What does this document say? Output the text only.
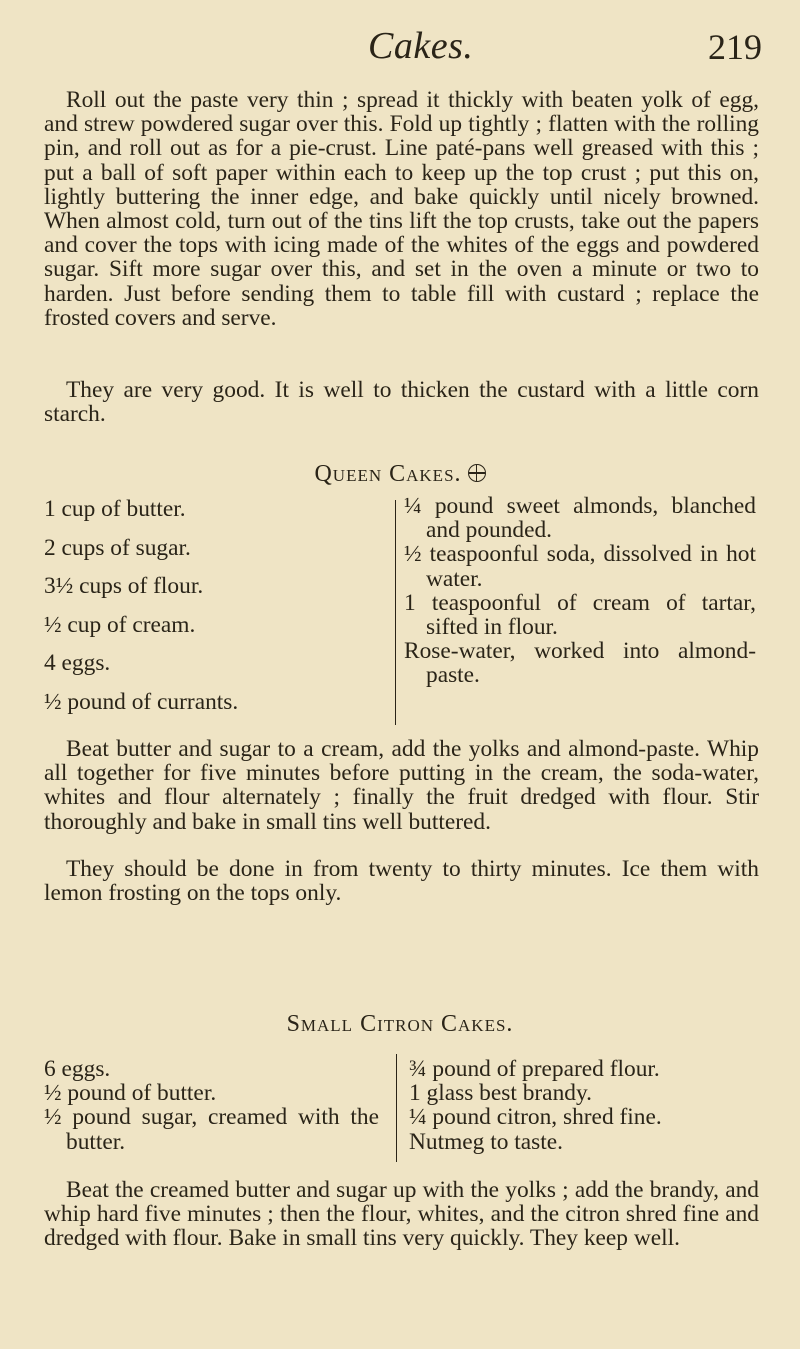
Cakes.	219

Roll out the paste very thin ; spread it thickly with beaten yolk of egg, and strew powdered sugar over this. Fold up tightly ; flatten with the rolling pin, and roll out as for a pie-crust. Line paté-pans well greased with this ; put a ball of soft paper within each to keep up the top crust ; put this on, lightly buttering the inner edge, and bake quickly until nicely browned. When almost cold, turn out of the tins lift the top crusts, take out the papers and cover the tops with icing made of the whites of the eggs and powdered sugar. Sift more sugar over this, and set in the oven a minute or two to harden. Just before sending them to table fill with custard ; replace the frosted covers and serve.

They are very good. It is well to thicken the custard with a little corn starch.

Queen Cakes.
1 cup of butter.
2 cups of sugar.
3½ cups of flour.
½ cup of cream.
4 eggs.
½ pound of currants.
¼ pound sweet almonds, blanched and pounded.
½ teaspoonful soda, dissolved in hot water.
1 teaspoonful of cream of tartar, sifted in flour.
Rose-water, worked into almond-paste.

Beat butter and sugar to a cream, add the yolks and almond-paste. Whip all together for five minutes before putting in the cream, the soda-water, whites and flour alternately ; finally the fruit dredged with flour. Stir thoroughly and bake in small tins well buttered.

They should be done in from twenty to thirty minutes. Ice them with lemon frosting on the tops only.

Small Citron Cakes.
6 eggs.
½ pound of butter.
½ pound sugar, creamed with the butter.
¾ pound of prepared flour.
1 glass best brandy.
¼ pound citron, shred fine.
Nutmeg to taste.

Beat the creamed butter and sugar up with the yolks ; add the brandy, and whip hard five minutes ; then the flour, whites, and the citron shred fine and dredged with flour. Bake in small tins very quickly. They keep well.
